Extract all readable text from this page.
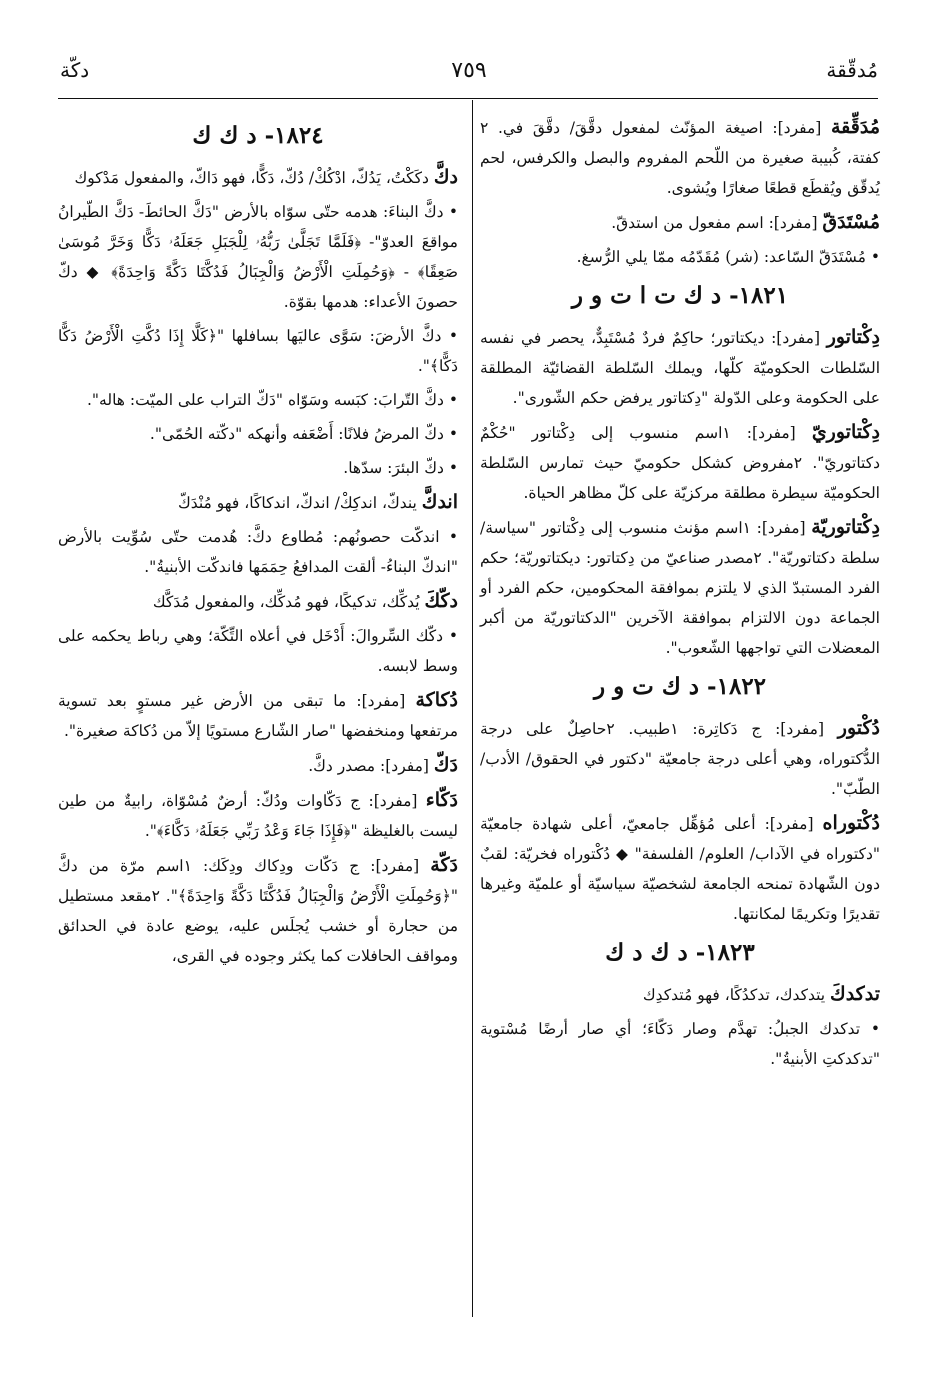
مُدقّقة
٧٥٩
دكّة

مُدَقِّقة [مفرد]: اصيغة المؤنّث لمفعول دقَّقَ/ دقَّقَ في. ٢ كفتة، كُبيبة صغيرة من اللّحم المفروم والبصل والكرفس، لحم يُدقّق ويُقطَع قطعًا صغارًا ويُشوى.

مُسْتَدَقّ [مفرد]: اسم مفعول من استدقّ.

• مُسْتَدَقّ السّاعد: (شر) مُقَدّمُه ممّا يلي الرُّسغ.

١٨٢١- د ك ت ا ت و ر

دِكْتاتور [مفرد]: ديكتاتور؛ حاكِمٌ فردٌ مُسْتَبِدٌّ، يحصر في نفسه السّلطات الحكوميّة كلّها، ويملك السّلطة القضائيّة المطلقة على الحكومة وعلى الدّولة "دِكتاتور يرفض حكم الشّورى".

دِكْتاتوريّ [مفرد]: ١اسم منسوب إلى دِكْتاتور "حُكْمٌ دكتاتوريّ". ٢مفروض كشكل حكوميّ حيث تمارس السّلطة الحكوميّة سيطرة مطلقة مركزيّة على كلّ مظاهر الحياة.

دِكْتاتوريّة [مفرد]: ١اسم مؤنث منسوب إلى دِكْتاتور "سياسة/ سلطة دكتاتوريّة". ٢مصدر صناعيّ من دِكتاتور: ديكتاتوريّة؛ حكم الفرد المستبدّ الذي لا يلتزم بموافقة المحكومين، حكم الفرد أو الجماعة دون الالتزام بموافقة الآخرين "الدكتاتوريّة من أكبر المعضلات التي تواجهها الشّعوب".

١٨٢٢- د ك ت و ر

دُكْتور [مفرد]: ج دَكاتِرة: ١طبيب. ٢حاصِلٌ على درجة الدُّكتوراه، وهي أعلى درجة جامعيّة "دكتور في الحقوق/ الأدب/ الطّبّ".

دُكْتوراه [مفرد]: أعلى مُؤهِّل جامعيّ، أعلى شهادة جامعيّة "دكتوراه في الآداب/ العلوم/ الفلسفة" ◆ دُكْتوراه فخريّة: لقبٌ دون الشّهادة تمنحه الجامعة لشخصيّة سياسيّة أو علميّة وغيرها تقديرًا وتكريمًا لمكانتها.

١٨٢٣- د ك د ك

تدكدكَ يتدكدك، تدكدُكًا، فهو مُتدكدِك

• تدكدك الجبلُ: تهدَّم وصار دَكّاءَ؛ أي صار أرضًا مُسْتوية "تدكدكتِ الأبنيةُ".

١٨٢٤- د ك ك

دكَّ دكَكْتُ، يَدُكّ، ادْكُكْ/ دُكّ، دَكًّا، فهو دَاكّ، والمفعول مَدْكوك

• دكَّ البناءَ: هدمه حتّى سوّاه بالأرض "دَكَّ الحائطَ- دَكَّ الطّيرانُ مواقعَ العدوّ"- ﴿فَلَمَّا تَجَلَّىٰ رَبُّهُۥ لِلْجَبَلِ جَعَلَهُۥ دَكًّا وَخَرَّ مُوسَىٰ صَعِقًا﴾ - ﴿وَحُمِلَتِ الْأَرْضُ وَالْجِبَالُ فَدُكَّتَا دَكَّةً وَاحِدَةً﴾ ◆ دكّ حصونَ الأعداء: هدمها بقوّة.

• دكَّ الأرضَ: سَوَّى عاليَها بسافلها "﴿كَلَّا إِذَا دُكَّتِ الْأَرْضُ دَكًّا دَكًّا﴾".

• دكَّ التّرابَ: كبَسه وسَوّاه "دَكّ التراب على الميّت: هاله".

• دكّ المرضُ فلانًا: أَضْعَفه وأنهكه "دكّته الحُمّى".

• دكّ البئرَ: سدّها.

اندكَّ يندكّ، اندكِكْ/ اندكّ، اندكاكًا، فهو مُنْدَكّ

• اندكّت حصونُهم: مُطاوع دكَّ: هُدمت حتّى سُوِّيت بالأرض "اندكّ البناءُ- ألقت المدافعُ حِمَمَها فاندكّت الأبنيةُ".

دكّكَ يُدكِّك، تدكيكًا، فهو مُدكِّك، والمفعول مُدَكَّك

• دكّك السِّروالَ: أَدْخَل في أعلاه التِّكّة؛ وهي رباط يحكمه على وسط لابسه.

دُكاكة [مفرد]: ما تبقى من الأرض غير مستوٍ بعد تسوية مرتفعها ومنخفضها "صار الشّارع مستويًا إلاّ من دُكاكة صغيرة".

دَكّ [مفرد]: مصدر دكَّ.

دَكّاء [مفرد]: ج دَكّاوات ودُكّ: أرضٌ مُسْوّاة، رابيةٌ من طين ليست بالغليظة "﴿فَإِذَا جَاءَ وَعْدُ رَبِّي جَعَلَهُۥ دَكَّاءَ﴾".

دَكّة [مفرد]: ج دَكّات ودِكاك ودِكَك: ١اسم مرّة من دكَّ "﴿وَحُمِلَتِ الْأَرْضُ وَالْجِبَالُ فَدُكَّتَا دَكَّةً وَاحِدَةً﴾". ٢مقعد مستطيل من حجارة أو خشب يُجلَس عليه، يوضع عادة في الحدائق ومواقف الحافلات كما يكثر وجوده في القرى،
